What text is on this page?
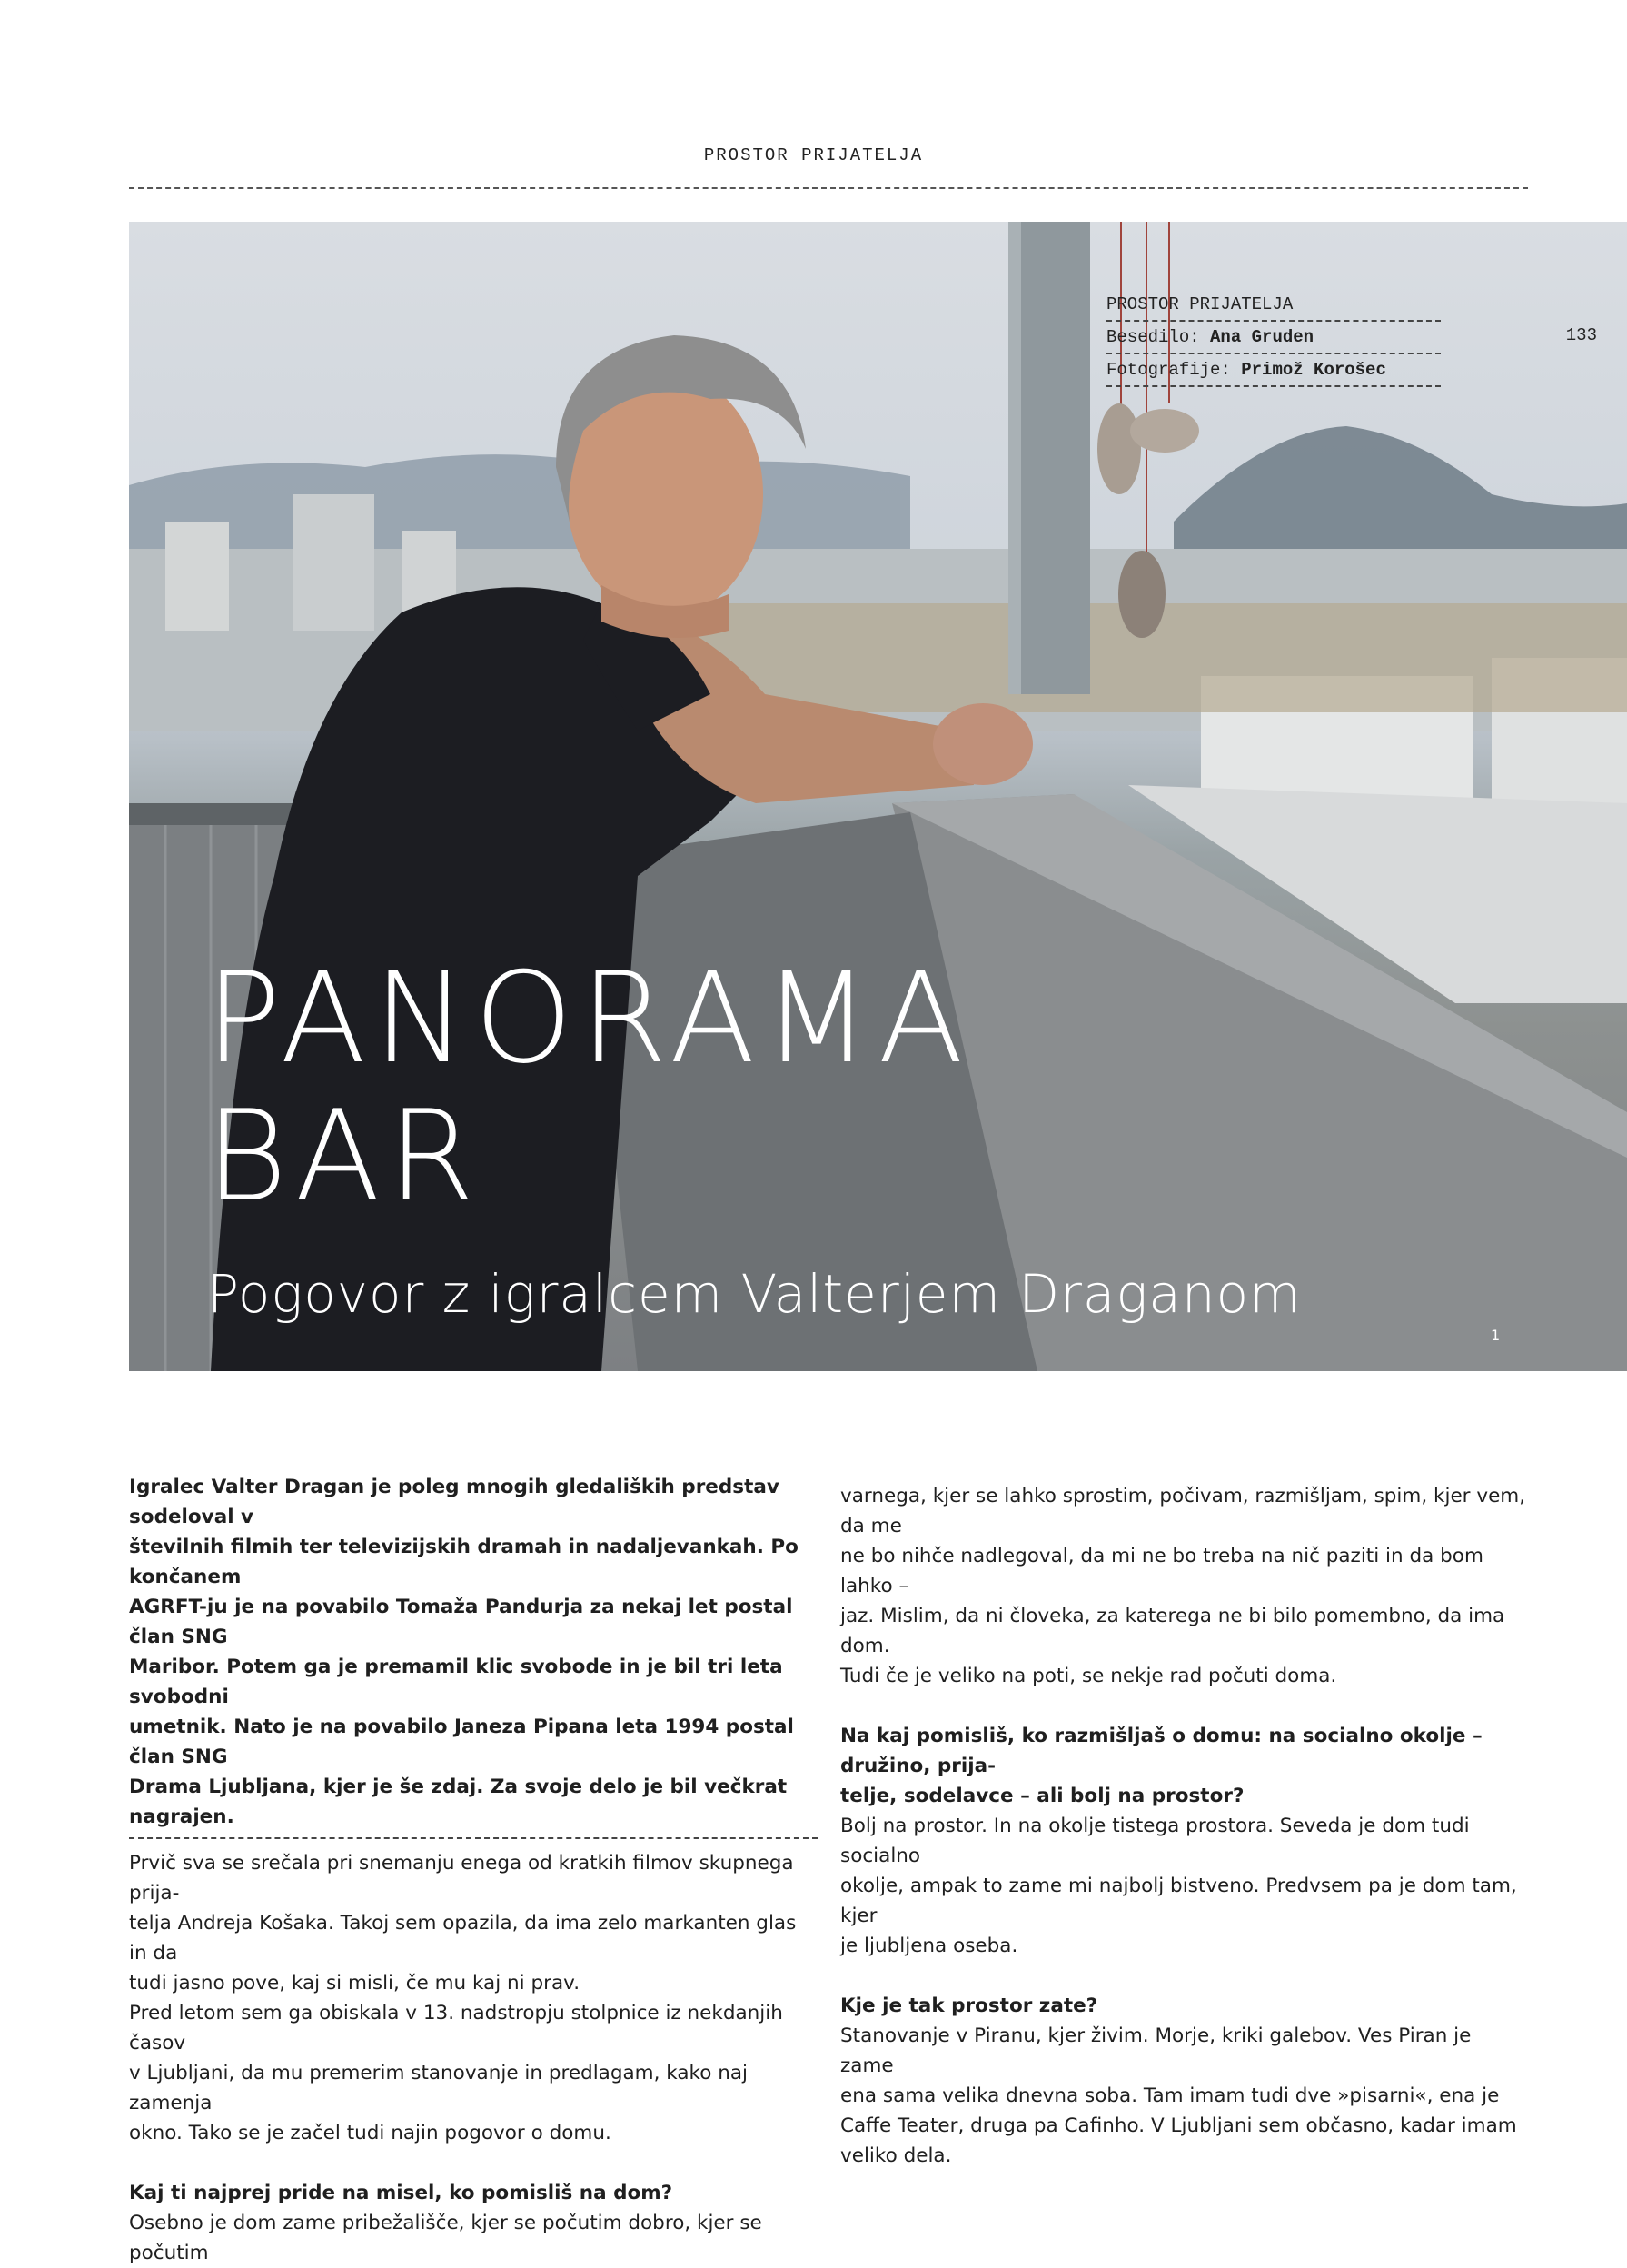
PROSTOR PRIJATELJA
PROSTOR PRIJATELJA
133
Besedilo: Ana Gruden
Fotografije: Primož Korošec
PANORAMA
BAR
Pogovor z igralcem Valterjem Draganom
1

Igralec Valter Dragan je poleg mnogih gledaliških predstav sodeloval v

številnih filmih ter televizijskih dramah in nadaljevankah. Po končanem

AGRFT-ju je na povabilo Tomaža Pandurja za nekaj let postal član SNG

Maribor. Potem ga je premamil klic svobode in je bil tri leta svobodni

umetnik. Nato je na povabilo Janeza Pipana leta 1994 postal član SNG

Drama Ljubljana, kjer je še zdaj. Za svoje delo je bil večkrat nagrajen.

Prvič sva se srečala pri snemanju enega od kratkih filmov skupnega prija-

telja Andreja Košaka. Takoj sem opazila, da ima zelo markanten glas in da

tudi jasno pove, kaj si misli, če mu kaj ni prav.

Pred letom sem ga obiskala v 13. nadstropju stolpnice iz nekdanjih časov

v Ljubljani, da mu premerim stanovanje in predlagam, kako naj zamenja

okno. Tako se je začel tudi najin pogovor o domu.

Kaj ti najprej pride na misel, ko pomisliš na dom?

Osebno je dom zame pribežališče, kjer se počutim dobro, kjer se počutim

varnega, kjer se lahko sprostim, počivam, razmišljam, spim, kjer vem, da me

ne bo nihče nadlegoval, da mi ne bo treba na nič paziti in da bom lahko –

jaz. Mislim, da ni človeka, za katerega ne bi bilo pomembno, da ima dom.

Tudi če je veliko na poti, se nekje rad počuti doma.

Na kaj pomisliš, ko razmišljaš o domu: na socialno okolje – družino, prija-

telje, sodelavce – ali bolj na prostor?

Bolj na prostor. In na okolje tistega prostora. Seveda je dom tudi socialno

okolje, ampak to zame mi najbolj bistveno. Predvsem pa je dom tam, kjer

je ljubljena oseba.

Kje je tak prostor zate?

Stanovanje v Piranu, kjer živim. Morje, kriki galebov. Ves Piran je zame

ena sama velika dnevna soba. Tam imam tudi dve »pisarni«, ena je

Caffe Teater, druga pa Cafinho. V Ljubljani sem občasno, kadar imam

veliko dela.
